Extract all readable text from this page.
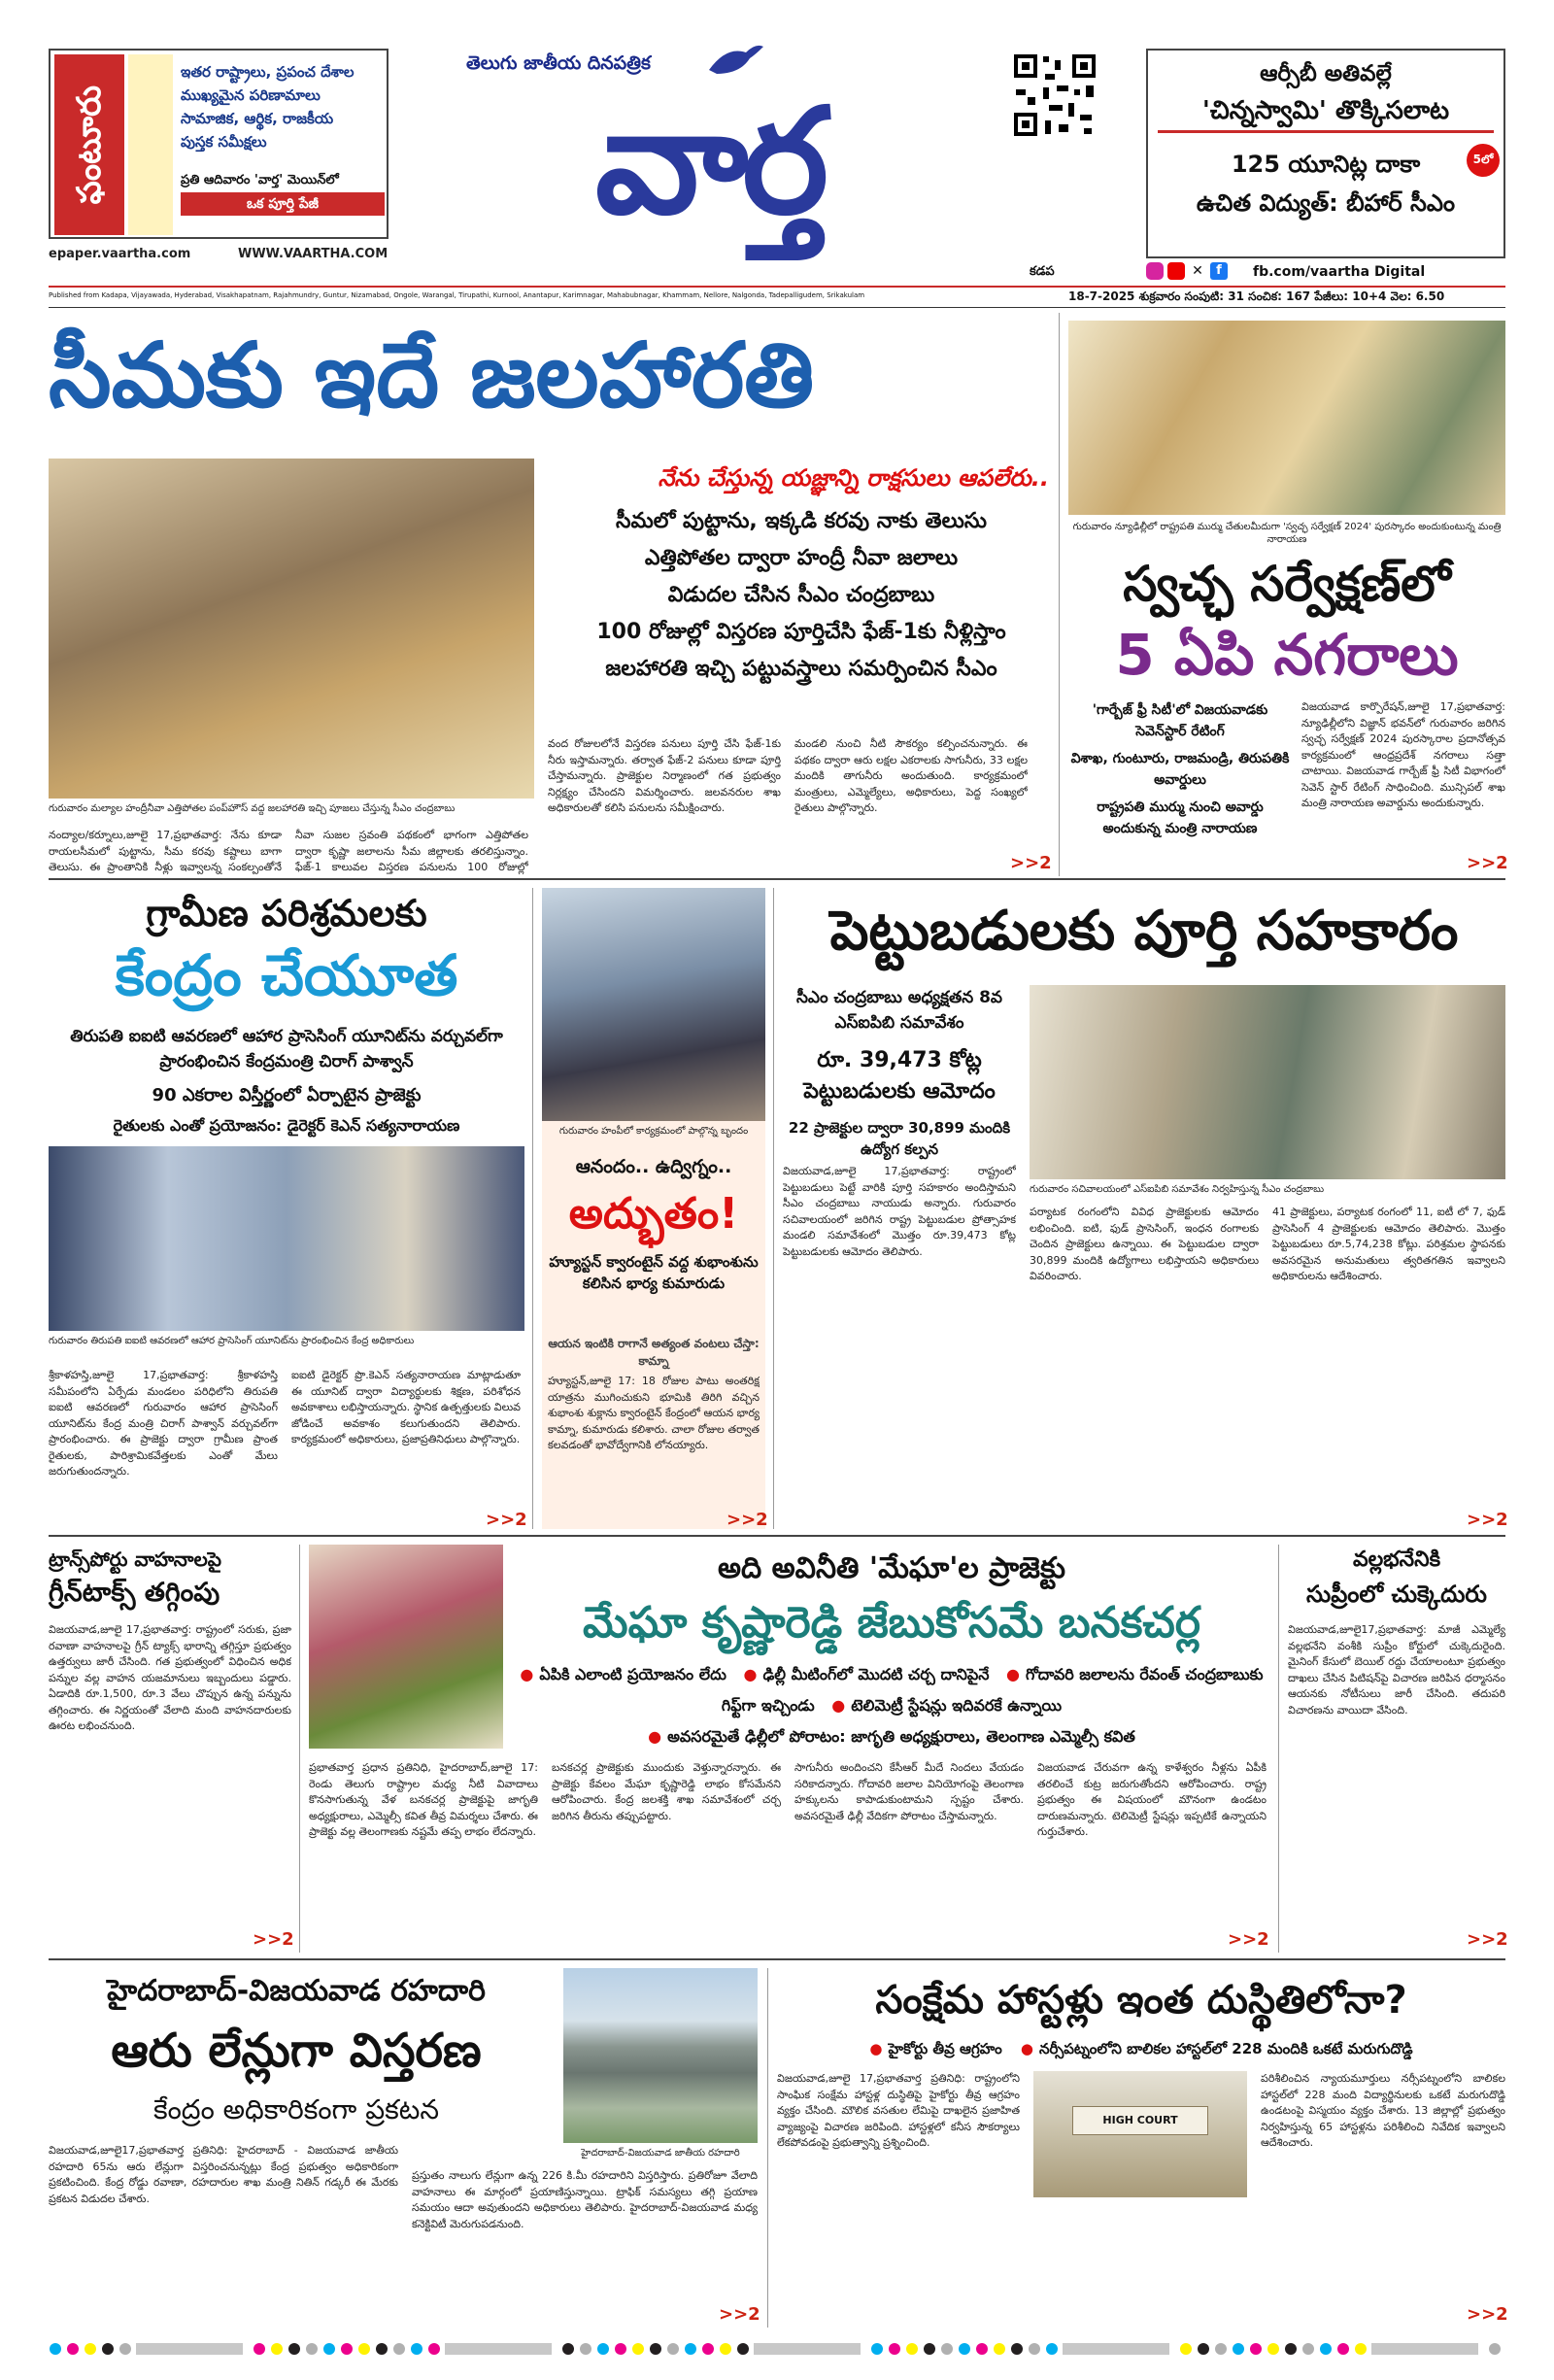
ఫంటూరు
ఇతర రాష్ట్రాలు, ప్రపంచ దేశాల
ముఖ్యమైన పరిణామాలు
సామాజిక, ఆర్థిక, రాజకీయ
పుస్తక సమీక్షలు
ప్రతి ఆదివారం 'వార్త' మెయిన్‌లో
ఒక పూర్తి పేజీ
epaper.vaartha.com	WWW.VAARTHA.COM
తెలుగు జాతీయ దినపత్రిక
వార్త
ఆర్సీబీ అతివల్లే
'చిన్నస్వామి' తొక్కిసలాట
5లో
125 యూనిట్ల దాకా
ఉచిత విద్యుత్: బీహార్ సీఎం
కడప	✕	f	fb.com/vaartha Digital
Published from Kadapa, Vijayawada, Hyderabad, Visakhapatnam, Rajahmundry, Guntur, Nizamabad, Ongole, Warangal, Tirupathi, Kurnool, Anantapur, Karimnagar, Mahabubnagar, Khammam, Nellore, Nalgonda, Tadepalligudem, Srikakulam	18-7-2025 శుక్రవారం సంపుటి: 31 సంచిక: 167 పేజీలు: 10+4 వెల: 6.50
సీమకు ఇదే జలహారతి
గురువారం మల్యాల హంద్రీనీవా ఎత్తిపోతల పంప్‌హౌస్ వద్ద జలహారతి ఇచ్చి పూజలు చేస్తున్న సీఎం చంద్రబాబు
నేను చేస్తున్న యజ్ఞాన్ని రాక్షసులు ఆపలేరు..
సీమలో పుట్టాను, ఇక్కడి కరవు నాకు తెలుసు
ఎత్తిపోతల ద్వారా హంద్రీ నీవా జలాలు
విడుదల చేసిన సీఎం చంద్రబాబు
100 రోజుల్లో విస్తరణ పూర్తిచేసి ఫేజ్-1కు నీళ్లిస్తాం
జలహారతి ఇచ్చి పట్టువస్త్రాలు సమర్పించిన సీఎం
నంద్యాల/కర్నూలు,జూలై 17,ప్రభాతవార్త: నేను కూడా రాయలసీమలో పుట్టాను, సీమ కరవు కష్టాలు బాగా తెలుసు. ఈ ప్రాంతానికి నీళ్లు ఇవ్వాలన్న సంకల్పంతోనే
నీవా సుజల స్రవంతి పథకంలో భాగంగా ఎత్తిపోతల ద్వారా కృష్ణా జలాలను సీమ జిల్లాలకు తరలిస్తున్నాం. ఫేజ్-1 కాలువల విస్తరణ పనులను 100 రోజుల్లో
వంద రోజులలోనే విస్తరణ పనులు పూర్తి చేసి ఫేజ్-1కు నీరు ఇస్తామన్నారు. తర్వాత ఫేజ్-2 పనులు కూడా పూర్తి చేస్తామన్నారు. ప్రాజెక్టుల నిర్మాణంలో గత ప్రభుత్వం నిర్లక్ష్యం చేసిందని విమర్శించారు. జలవనరుల శాఖ అధికారులతో కలిసి పనులను సమీక్షించారు.
మండలి నుంచి నీటి సౌకర్యం కల్పించనున్నారు. ఈ పథకం ద్వారా ఆరు లక్షల ఎకరాలకు సాగునీరు, 33 లక్షల మందికి తాగునీరు అందుతుంది. కార్యక్రమంలో మంత్రులు, ఎమ్మెల్యేలు, అధికారులు, పెద్ద సంఖ్యలో రైతులు పాల్గొన్నారు.
>>2
గురువారం న్యూఢిల్లీలో రాష్ట్రపతి ముర్ము చేతులమీదుగా 'స్వచ్ఛ సర్వేక్షణ్ 2024' పురస్కారం అందుకుంటున్న మంత్రి నారాయణ
స్వచ్ఛ సర్వేక్షణ్‌లో
5 ఏపి నగరాలు
'గార్బేజ్ ఫ్రీ సిటీ'లో విజయవాడకు సెవెన్‌స్టార్ రేటింగ్
విశాఖ, గుంటూరు, రాజమండ్రి, తిరుపతికి అవార్డులు
రాష్ట్రపతి ముర్ము నుంచి అవార్డు అందుకున్న మంత్రి నారాయణ
విజయవాడ కార్పొరేషన్,జూలై 17,ప్రభాతవార్త: న్యూఢిల్లీలోని విజ్ఞాన్ భవన్‌లో గురువారం జరిగిన స్వచ్ఛ సర్వేక్షణ్ 2024 పురస్కారాల ప్రదానోత్సవ కార్యక్రమంలో ఆంధ్రప్రదేశ్ నగరాలు సత్తా చాటాయి. విజయవాడ గార్బేజ్ ఫ్రీ సిటీ విభాగంలో సెవెన్ స్టార్ రేటింగ్ సాధించింది. మున్సిపల్ శాఖ మంత్రి నారాయణ అవార్డును అందుకున్నారు.
>>2
గ్రామీణ పరిశ్రమలకు
కేంద్రం చేయూత
తిరుపతి ఐఐటి ఆవరణలో ఆహార ప్రాసెసింగ్ యూనిట్‌ను వర్చువల్‌గా ప్రారంభించిన కేంద్రమంత్రి చిరాగ్ పాశ్వాన్
90 ఎకరాల విస్తీర్ణంలో ఏర్పాటైన ప్రాజెక్టు
రైతులకు ఎంతో ప్రయోజనం: డైరెక్టర్ కెఎన్ సత్యనారాయణ
గురువారం తిరుపతి ఐఐటి ఆవరణలో ఆహార ప్రాసెసింగ్ యూనిట్‌ను ప్రారంభించిన కేంద్ర అధికారులు
శ్రీకాళహస్తి,జూలై 17,ప్రభాతవార్త: శ్రీకాళహస్తి సమీపంలోని ఏర్పేడు మండలం పరిధిలోని తిరుపతి ఐఐటి ఆవరణలో గురువారం ఆహార ప్రాసెసింగ్ యూనిట్‌ను కేంద్ర మంత్రి చిరాగ్ పాశ్వాన్ వర్చువల్‌గా ప్రారంభించారు. ఈ ప్రాజెక్టు ద్వారా గ్రామీణ ప్రాంత రైతులకు, పారిశ్రామికవేత్తలకు ఎంతో మేలు జరుగుతుందన్నారు.
ఐఐటి డైరెక్టర్ ప్రొ.కెఎన్ సత్యనారాయణ మాట్లాడుతూ ఈ యూనిట్ ద్వారా విద్యార్థులకు శిక్షణ, పరిశోధన అవకాశాలు లభిస్తాయన్నారు. స్థానిక ఉత్పత్తులకు విలువ జోడించే అవకాశం కలుగుతుందని తెలిపారు. కార్యక్రమంలో అధికారులు, ప్రజాప్రతినిధులు పాల్గొన్నారు.
>>2
గురువారం హంపీలో కార్యక్రమంలో పాల్గొన్న బృందం
ఆనందం.. ఉద్విగ్నం..
అద్భుతం!
హ్యూస్టన్ క్వారంటైన్ వద్ద శుభాంశును కలిసిన భార్య కుమారుడు
ఆయన ఇంటికి రాగానే అత్యంత వంటలు చేస్తా: కామ్నా
హ్యూస్టన్,జూలై 17: 18 రోజుల పాటు అంతరిక్ష యాత్రను ముగించుకుని భూమికి తిరిగి వచ్చిన శుభాంశు శుక్లాను క్వారంటైన్ కేంద్రంలో ఆయన భార్య కామ్నా, కుమారుడు కలిశారు. చాలా రోజుల తర్వాత కలవడంతో భావోద్వేగానికి లోనయ్యారు.
>>2
పెట్టుబడులకు పూర్తి సహకారం
సీఎం చంద్రబాబు అధ్యక్షతన 8వ ఎస్ఐపిబి సమావేశం
రూ. 39,473 కోట్ల పెట్టుబడులకు ఆమోదం
22 ప్రాజెక్టుల ద్వారా 30,899 మందికి ఉద్యోగ కల్పన
గురువారం సచివాలయంలో ఎస్ఐపిబి సమావేశం నిర్వహిస్తున్న సీఎం చంద్రబాబు
విజయవాడ,జూలై 17,ప్రభాతవార్త: రాష్ట్రంలో పెట్టుబడులు పెట్టే వారికి పూర్తి సహకారం అందిస్తామని సీఎం చంద్రబాబు నాయుడు అన్నారు. గురువారం సచివాలయంలో జరిగిన రాష్ట్ర పెట్టుబడుల ప్రోత్సాహక మండలి సమావేశంలో మొత్తం రూ.39,473 కోట్ల పెట్టుబడులకు ఆమోదం తెలిపారు.
పర్యాటక రంగంలోని వివిధ ప్రాజెక్టులకు ఆమోదం లభించింది. ఐటి, ఫుడ్ ప్రాసెసింగ్, ఇంధన రంగాలకు చెందిన ప్రాజెక్టులు ఉన్నాయి. ఈ పెట్టుబడుల ద్వారా 30,899 మందికి ఉద్యోగాలు లభిస్తాయని అధికారులు వివరించారు.
41 ప్రాజెక్టులు, పర్యాటక రంగంలో 11, ఐటీ లో 7, ఫుడ్ ప్రాసెసింగ్ 4 ప్రాజెక్టులకు ఆమోదం తెలిపారు. మొత్తం పెట్టుబడులు రూ.5,74,238 కోట్లు. పరిశ్రమల స్థాపనకు అవసరమైన అనుమతులు త్వరితగతిన ఇవ్వాలని అధికారులను ఆదేశించారు.
>>2
ట్రాన్స్‌పోర్టు వాహనాలపై
గ్రీన్‌టాక్స్ తగ్గింపు
విజయవాడ,జూలై 17,ప్రభాతవార్త: రాష్ట్రంలో సరుకు, ప్రజా రవాణా వాహనాలపై గ్రీన్ ట్యాక్స్ భారాన్ని తగ్గిస్తూ ప్రభుత్వం ఉత్తర్వులు జారీ చేసింది. గత ప్రభుత్వంలో విధించిన అధిక పన్నుల వల్ల వాహన యజమానులు ఇబ్బందులు పడ్డారు. ఏడాదికి రూ.1,500, రూ.3 వేలు చొప్పున ఉన్న పన్నును తగ్గించారు. ఈ నిర్ణయంతో వేలాది మంది వాహనదారులకు ఊరట లభించనుంది.
>>2
అది అవినీతి 'మేఘా'ల ప్రాజెక్టు
మేఘా కృష్ణారెడ్డి జేబుకోసమే బనకచర్ల
● ఏపికి ఎలాంటి ప్రయోజనం లేదు ● ఢిల్లీ మీటింగ్‌లో మొదటి చర్చ దానిపైనే ● గోదావరి జలాలను రేవంత్ చంద్రబాబుకు గిఫ్ట్‌గా ఇచ్చిండు ● టెలిమెట్రీ స్టేషన్లు ఇదివరకే ఉన్నాయి
● అవసరమైతే ఢిల్లీలో పోరాటం: జాగృతి అధ్యక్షురాలు, తెలంగాణ ఎమ్మెల్సీ కవిత
ప్రభాతవార్త ప్రధాన ప్రతినిధి, హైదరాబాద్,జూలై 17: రెండు తెలుగు రాష్ట్రాల మధ్య నీటి వివాదాలు కొనసాగుతున్న వేళ బనకచర్ల ప్రాజెక్టుపై జాగృతి అధ్యక్షురాలు, ఎమ్మెల్సీ కవిత తీవ్ర విమర్శలు చేశారు. ఈ ప్రాజెక్టు వల్ల తెలంగాణకు నష్టమే తప్ప లాభం లేదన్నారు.
బనకచర్ల ప్రాజెక్టుకు ముందుకు వెళ్తున్నారన్నారు. ఈ ప్రాజెక్టు కేవలం మేఘా కృష్ణారెడ్డి లాభం కోసమేనని ఆరోపించారు. కేంద్ర జలశక్తి శాఖ సమావేశంలో చర్చ జరిగిన తీరును తప్పుపట్టారు.
సాగునీరు అందించని కేసీఆర్ మీదే నిందలు వేయడం సరికాదన్నారు. గోదావరి జలాల వినియోగంపై తెలంగాణ హక్కులను కాపాడుకుంటామని స్పష్టం చేశారు. అవసరమైతే ఢిల్లీ వేదికగా పోరాటం చేస్తామన్నారు.
విజయవాడ చేరువగా ఉన్న కాళేశ్వరం నీళ్లను ఏపీకి తరలించే కుట్ర జరుగుతోందని ఆరోపించారు. రాష్ట్ర ప్రభుత్వం ఈ విషయంలో మౌనంగా ఉండటం దారుణమన్నారు. టెలిమెట్రీ స్టేషన్లు ఇప్పటికే ఉన్నాయని గుర్తుచేశారు.
>>2
వల్లభనేనికి
సుప్రీంలో చుక్కెదురు
విజయవాడ,జూలై17,ప్రభాతవార్త: మాజీ ఎమ్మెల్యే వల్లభనేని వంశీకి సుప్రీం కోర్టులో చుక్కెదురైంది. మైనింగ్ కేసులో బెయిల్ రద్దు చేయాలంటూ ప్రభుత్వం దాఖలు చేసిన పిటిషన్‌పై విచారణ జరిపిన ధర్మాసనం ఆయనకు నోటీసులు జారీ చేసింది. తదుపరి విచారణను వాయిదా వేసింది.
>>2
హైదరాబాద్-విజయవాడ రహదారి
ఆరు లేన్లుగా విస్తరణ
కేంద్రం అధికారికంగా ప్రకటన
హైదరాబాద్-విజయవాడ జాతీయ రహదారి
విజయవాడ,జూలై17,ప్రభాతవార్త ప్రతినిధి: హైదరాబాద్ - విజయవాడ జాతీయ రహదారి 65ను ఆరు లేన్లుగా విస్తరించనున్నట్లు కేంద్ర ప్రభుత్వం అధికారికంగా ప్రకటించింది. కేంద్ర రోడ్డు రవాణా, రహదారుల శాఖ మంత్రి నితిన్ గడ్కరీ ఈ మేరకు ప్రకటన విడుదల చేశారు.
ప్రస్తుతం నాలుగు లేన్లుగా ఉన్న 226 కి.మీ రహదారిని విస్తరిస్తారు. ప్రతిరోజూ వేలాది వాహనాలు ఈ మార్గంలో ప్రయాణిస్తున్నాయి. ట్రాఫిక్ సమస్యలు తగ్గి ప్రయాణ సమయం ఆదా అవుతుందని అధికారులు తెలిపారు. హైదరాబాద్-విజయవాడ మధ్య కనెక్టివిటీ మెరుగుపడనుంది.
>>2
సంక్షేమ హాస్టళ్లు ఇంత దుస్థితిలోనా?
● హైకోర్టు తీవ్ర ఆగ్రహం ● నర్సీపట్నంలోని బాలికల హాస్టల్‌లో 228 మందికి ఒకటే మరుగుదొడ్డి
విజయవాడ,జూలై 17,ప్రభాతవార్త ప్రతినిధి: రాష్ట్రంలోని సాంఘిక సంక్షేమ హాస్టళ్ల దుస్థితిపై హైకోర్టు తీవ్ర ఆగ్రహం వ్యక్తం చేసింది. మౌలిక వసతుల లేమిపై దాఖలైన ప్రజాహిత వ్యాజ్యంపై విచారణ జరిపింది. హాస్టళ్లలో కనీస సౌకర్యాలు లేకపోవడంపై ప్రభుత్వాన్ని ప్రశ్నించింది.
HIGH COURT
పరిశీలించిన న్యాయమూర్తులు నర్సీపట్నంలోని బాలికల హాస్టల్‌లో 228 మంది విద్యార్థినులకు ఒకటే మరుగుదొడ్డి ఉండటంపై విస్మయం వ్యక్తం చేశారు. 13 జిల్లాల్లో ప్రభుత్వం నిర్వహిస్తున్న 65 హాస్టళ్లను పరిశీలించి నివేదిక ఇవ్వాలని ఆదేశించారు.
>>2
